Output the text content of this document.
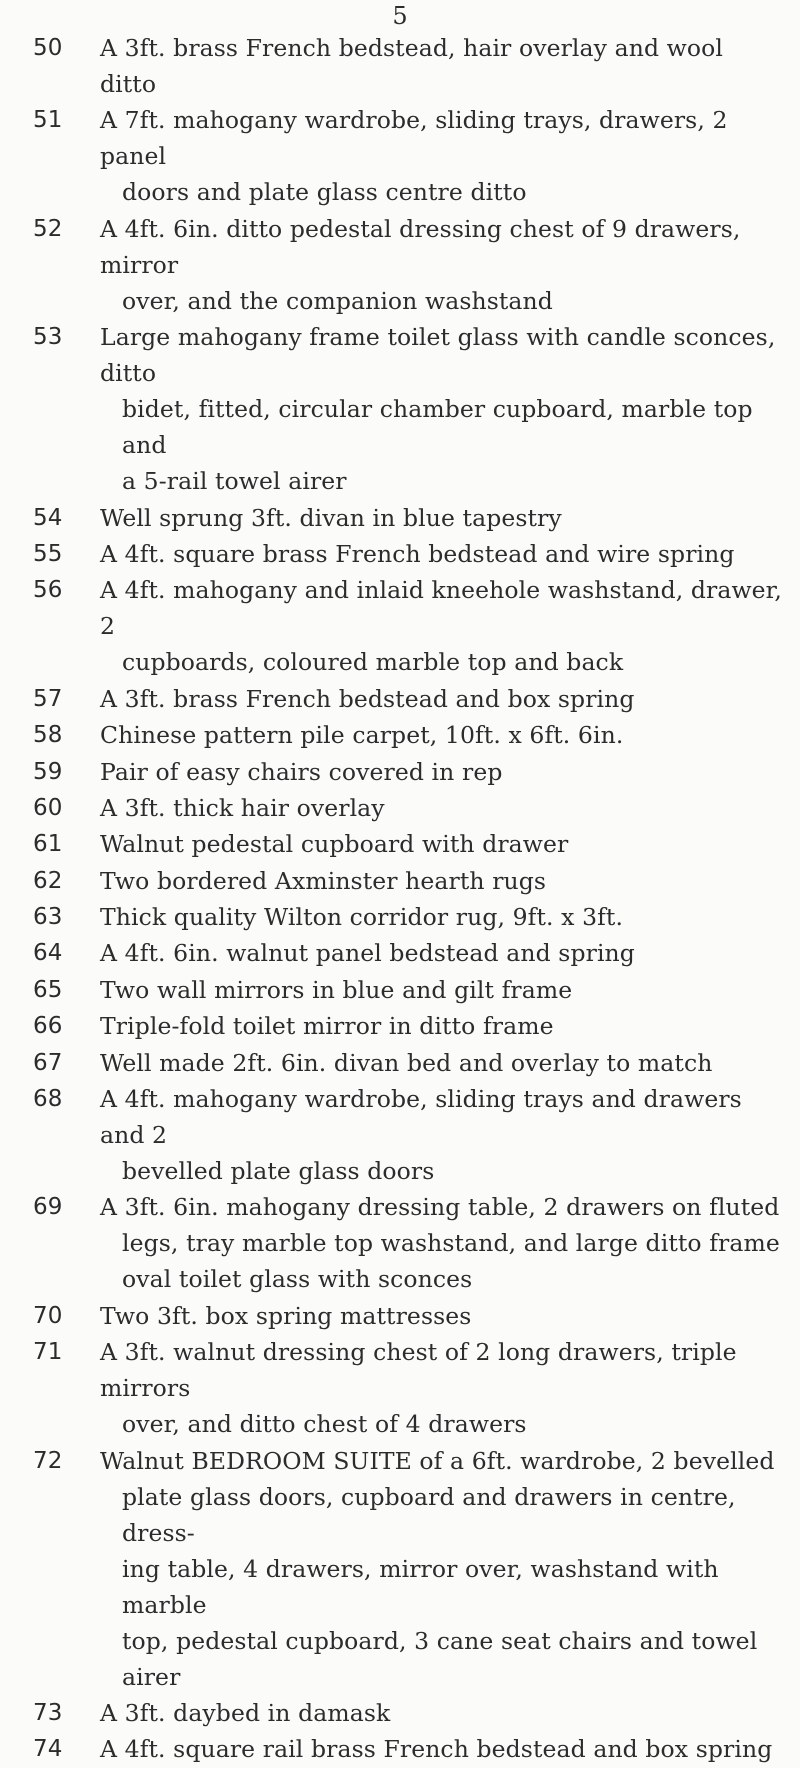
5
50	A 3ft. brass French bedstead, hair overlay and wool ditto
51	A 7ft. mahogany wardrobe, sliding trays, drawers, 2 panel
doors and plate glass centre ditto
52	A 4ft. 6in. ditto pedestal dressing chest of 9 drawers, mirror
over, and the companion washstand
53	Large mahogany frame toilet glass with candle sconces, ditto
bidet, fitted, circular chamber cupboard, marble top and
a 5-rail towel airer
54	Well sprung 3ft. divan in blue tapestry
55	A 4ft. square brass French bedstead and wire spring
56	A 4ft. mahogany and inlaid kneehole washstand, drawer, 2
cupboards, coloured marble top and back
57	A 3ft. brass French bedstead and box spring
58	Chinese pattern pile carpet, 10ft. x 6ft. 6in.
59	Pair of easy chairs covered in rep
60	A 3ft. thick hair overlay
61	Walnut pedestal cupboard with drawer
62	Two bordered Axminster hearth rugs
63	Thick quality Wilton corridor rug, 9ft. x 3ft.
64	A 4ft. 6in. walnut panel bedstead and spring
65	Two wall mirrors in blue and gilt frame
66	Triple-fold toilet mirror in ditto frame
67	Well made 2ft. 6in. divan bed and overlay to match
68	A 4ft. mahogany wardrobe, sliding trays and drawers and 2
bevelled plate glass doors
69	A 3ft. 6in. mahogany dressing table, 2 drawers on fluted
legs, tray marble top washstand, and large ditto frame
oval toilet glass with sconces
70	Two 3ft. box spring mattresses
71	A 3ft. walnut dressing chest of 2 long drawers, triple mirrors
over, and ditto chest of 4 drawers
72	Walnut BEDROOM SUITE of a 6ft. wardrobe, 2 bevelled
plate glass doors, cupboard and drawers in centre, dress-
ing table, 4 drawers, mirror over, washstand with marble
top, pedestal cupboard, 3 cane seat chairs and towel airer
73	A 3ft. daybed in damask
74	A 4ft. square rail brass French bedstead and box spring
